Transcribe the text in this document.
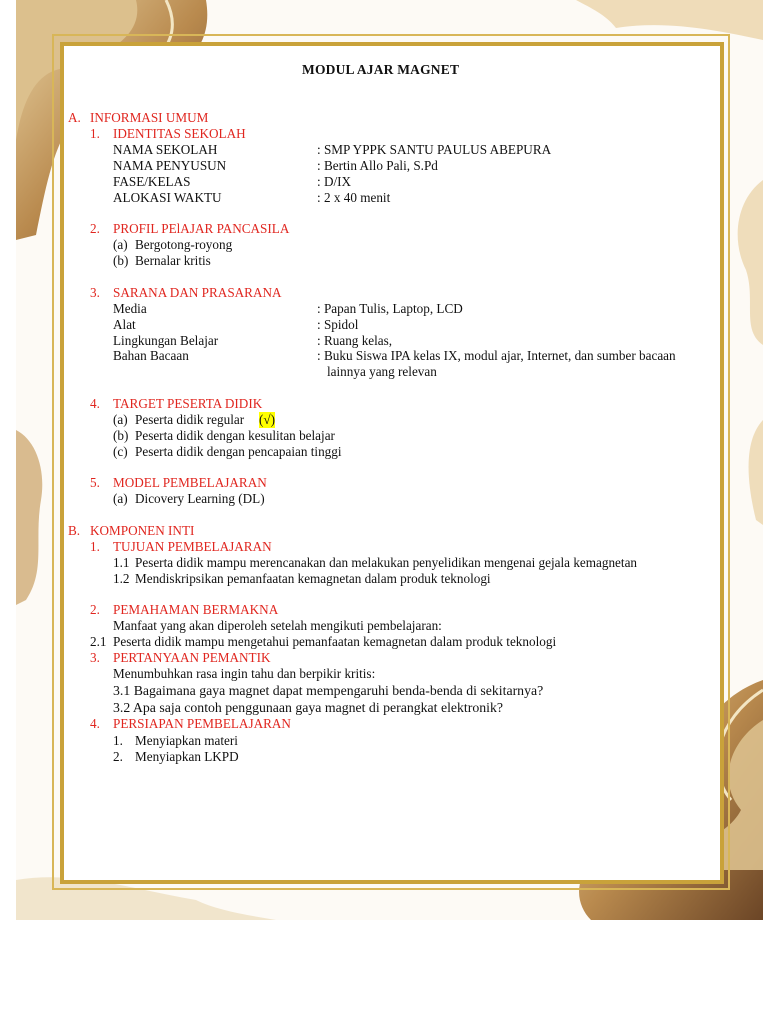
MODUL AJAR MAGNET
A. INFORMASI UMUM
1. IDENTITAS SEKOLAH
NAMA SEKOLAH	: SMP YPPK SANTU PAULUS ABEPURA
NAMA PENYUSUN	: Bertin Allo Pali, S.Pd
FASE/KELAS	: D/IX
ALOKASI WAKTU	: 2 x 40 menit
2. PROFIL PElAJAR PANCASILA
(a) Bergotong-royong
(b) Bernalar kritis
3. SARANA DAN PRASARANA
Media	: Papan Tulis, Laptop, LCD
Alat	: Spidol
Lingkungan Belajar	: Ruang kelas,
Bahan Bacaan	: Buku Siswa IPA kelas IX, modul ajar, Internet, dan sumber bacaan
lainnya yang relevan
4. TARGET PESERTA DIDIK
(a) Peserta didik regular (√)
(b) Peserta didik dengan kesulitan belajar
(c) Peserta didik dengan pencapaian tinggi
5. MODEL PEMBELAJARAN
(a) Dicovery Learning (DL)
B. KOMPONEN INTI
1. TUJUAN PEMBELAJARAN
1.1 Peserta didik mampu merencanakan dan melakukan penyelidikan mengenai gejala kemagnetan
1.2 Mendiskripsikan pemanfaatan kemagnetan dalam produk teknologi
2. PEMAHAMAN BERMAKNA
Manfaat yang akan diperoleh setelah mengikuti pembelajaran:
2.1 Peserta didik mampu mengetahui pemanfaatan kemagnetan dalam produk teknologi
3. PERTANYAAN PEMANTIK
Menumbuhkan rasa ingin tahu dan berpikir kritis:
3.1 Bagaimana gaya magnet dapat mempengaruhi benda-benda di sekitarnya?
3.2 Apa saja contoh penggunaan gaya magnet di perangkat elektronik?
4. PERSIAPAN PEMBELAJARAN
1. Menyiapkan materi
2. Menyiapkan LKPD
